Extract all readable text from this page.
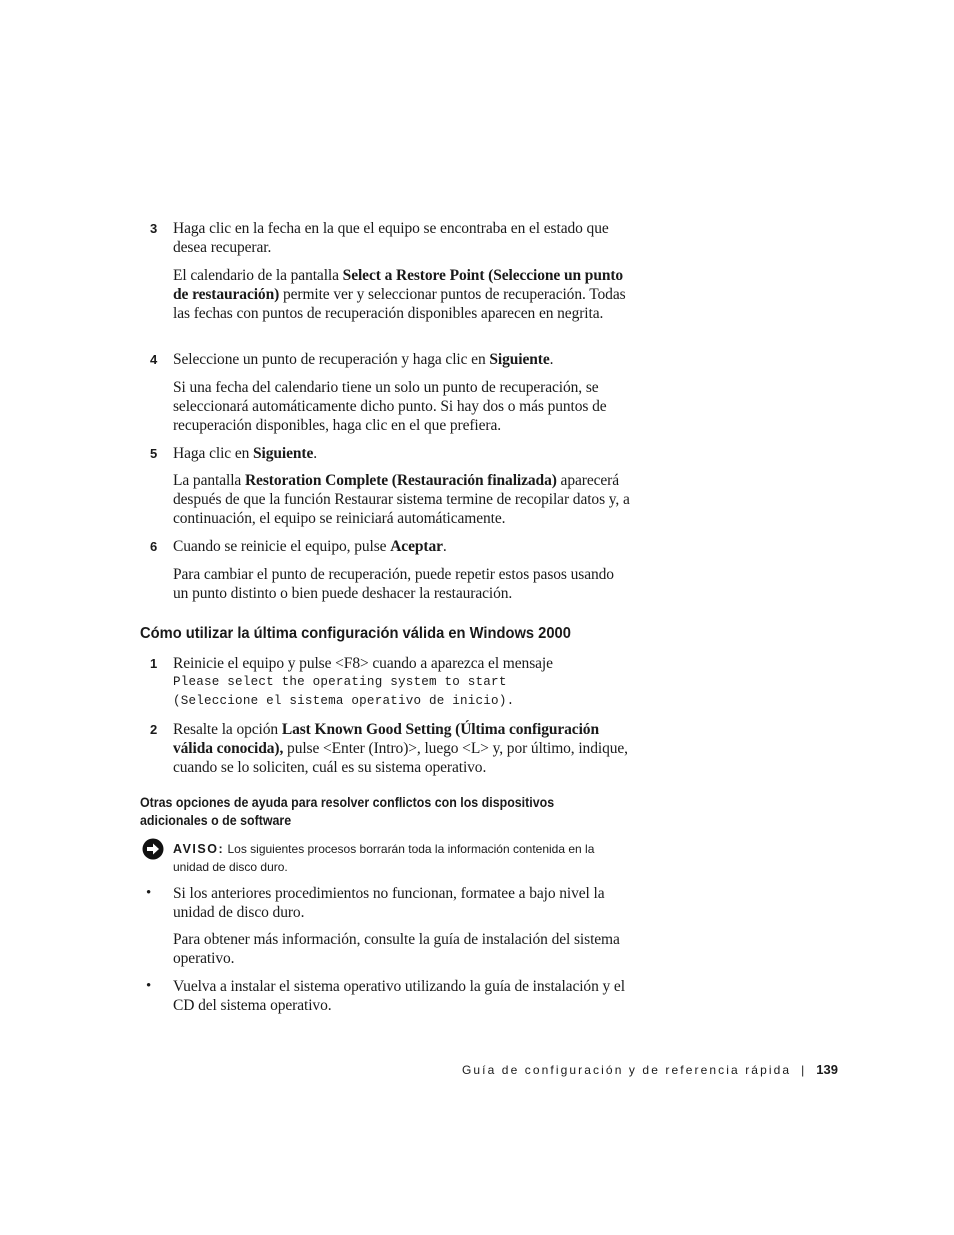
3 Haga clic en la fecha en la que el equipo se encontraba en el estado que desea recuperar.
El calendario de la pantalla Select a Restore Point (Seleccione un punto de restauración) permite ver y seleccionar puntos de recuperación. Todas las fechas con puntos de recuperación disponibles aparecen en negrita.
4 Seleccione un punto de recuperación y haga clic en Siguiente.
Si una fecha del calendario tiene un solo un punto de recuperación, se seleccionará automáticamente dicho punto. Si hay dos o más puntos de recuperación disponibles, haga clic en el que prefiera.
5 Haga clic en Siguiente.
La pantalla Restoration Complete (Restauración finalizada) aparecerá después de que la función Restaurar sistema termine de recopilar datos y, a continuación, el equipo se reiniciará automáticamente.
6 Cuando se reinicie el equipo, pulse Aceptar.
Para cambiar el punto de recuperación, puede repetir estos pasos usando un punto distinto o bien puede deshacer la restauración.
Cómo utilizar la última configuración válida en Windows 2000
1 Reinicie el equipo y pulse <F8> cuando a aparezca el mensaje
Please select the operating system to start
(Seleccione el sistema operativo de inicio).
2 Resalte la opción Last Known Good Setting (Última configuración válida conocida), pulse <Enter (Intro)>, luego <L> y, por último, indique, cuando se lo soliciten, cuál es su sistema operativo.
Otras opciones de ayuda para resolver conflictos con los dispositivos adicionales o de software
AVISO: Los siguientes procesos borrarán toda la información contenida en la unidad de disco duro.
• Si los anteriores procedimientos no funcionan, formatee a bajo nivel la unidad de disco duro.
Para obtener más información, consulte la guía de instalación del sistema operativo.
• Vuelva a instalar el sistema operativo utilizando la guía de instalación y el CD del sistema operativo.
Guía de configuración y de referencia rápida | 139
